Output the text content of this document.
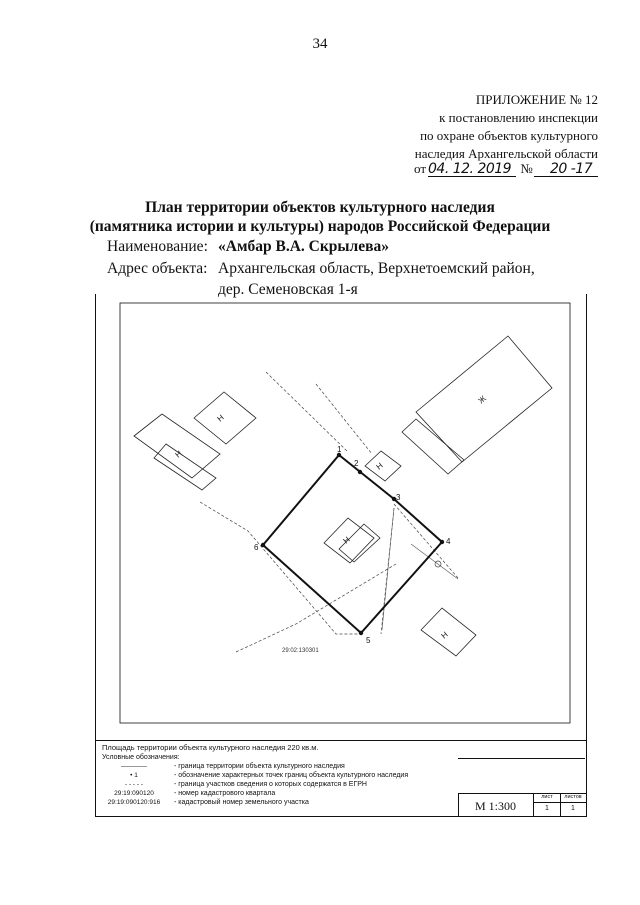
34
ПРИЛОЖЕНИЕ № 12
к постановлению инспекции
по охране объектов культурного
наследия Архангельской области
от 04. 12. 2019 № 20 -17
План территории объектов культурного наследия
(памятника истории и культуры) народов Российской Федерации
Наименование: «Амбар В.А. Скрылева»
Адрес объекта: Архангельская область, Верхнетоемский район,
дер. Семеновская 1-я
1
2
3
4
5
6
Н
Н
Н
Н
Н
Ж
29:02:130301
Площадь территории объекта культурного наследия 220 кв.м.
Условные обозначения:
————	- граница территории объекта культурного наследия
• 1	- обозначение характерных точек границ объекта культурного наследия
- - - - -	- граница участков сведения о которых содержатся в ЕГРН
29:19:090120	- номер кадастрового квартала
29:19:090120:916	- кадастровый номер земельного участка	М 1:300
лист	листов
1	1
